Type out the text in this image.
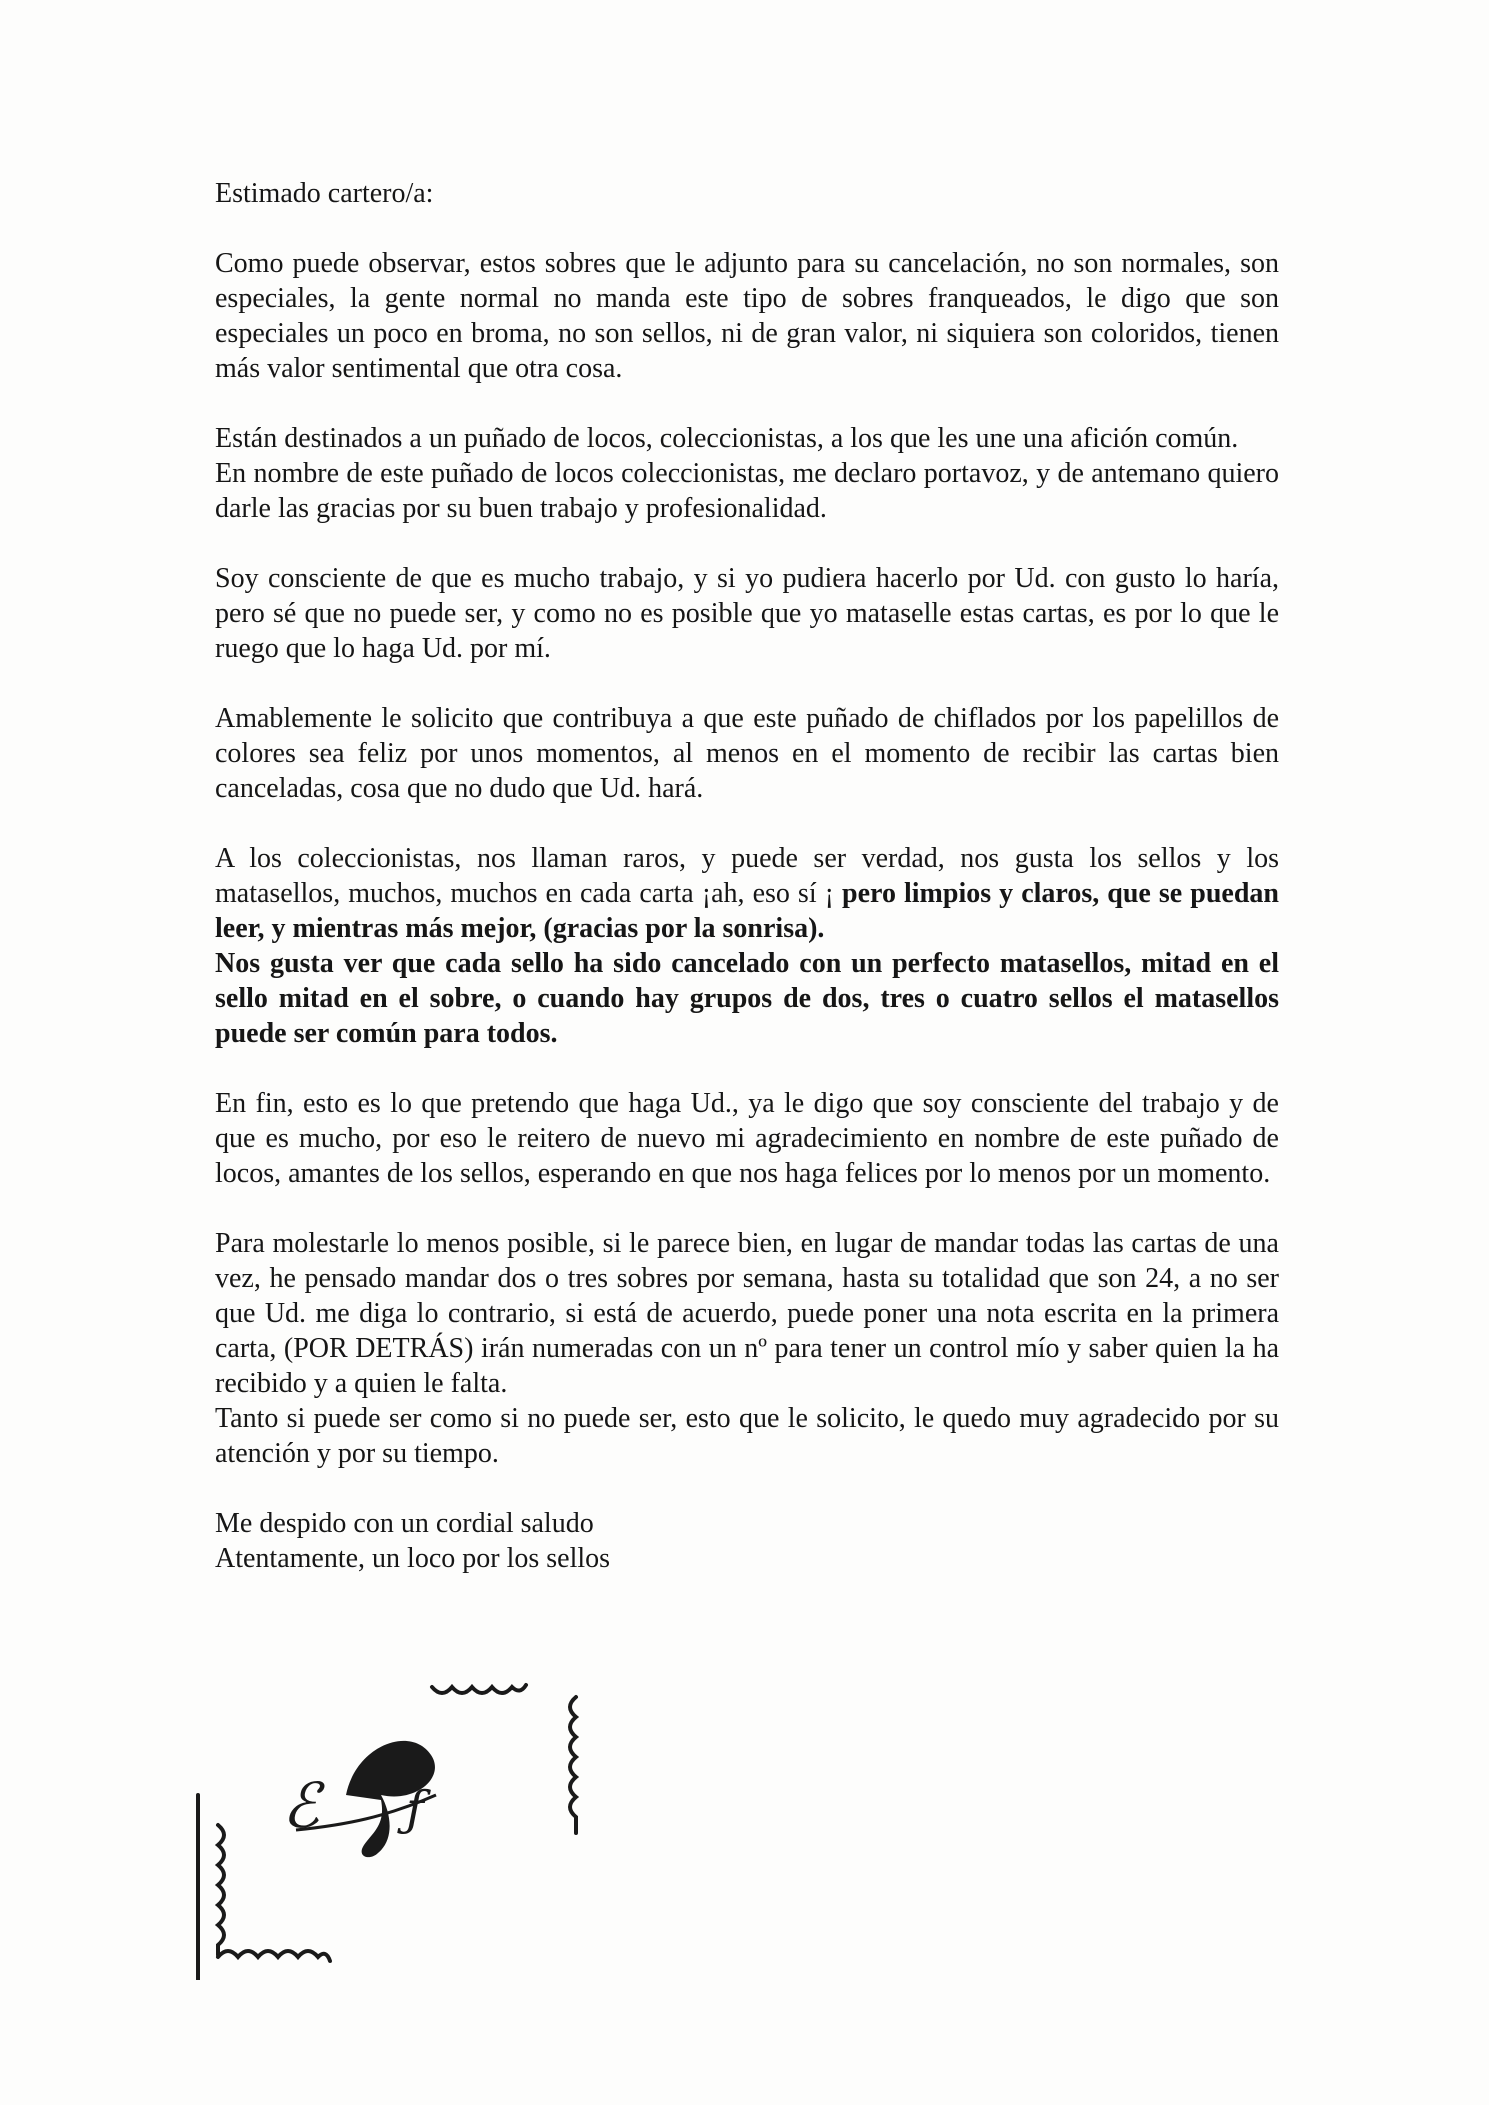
Estimado cartero/a:

Como puede observar, estos sobres que le adjunto para su cancelación, no son normales, son especiales, la gente normal no manda este tipo de sobres franqueados, le digo que son especiales un poco en broma, no son sellos, ni de gran valor, ni siquiera son coloridos, tienen más valor sentimental que otra cosa.

Están destinados a un puñado de locos, coleccionistas, a los que les une una afición común.

En nombre de este puñado de locos coleccionistas, me declaro portavoz, y de antemano quiero darle las gracias por su buen trabajo y profesionalidad.

Soy consciente de que es mucho trabajo, y si yo pudiera hacerlo por Ud. con gusto lo haría, pero sé que no puede ser, y como no es posible que yo mataselle estas cartas, es por lo que le ruego que lo haga Ud. por mí.

Amablemente le solicito que contribuya a que este puñado de chiflados por los papelillos de colores sea feliz por unos momentos, al menos en el momento de recibir las cartas bien canceladas, cosa que no dudo que Ud. hará.

A los coleccionistas, nos llaman raros, y puede ser verdad, nos gusta los sellos y los matasellos, muchos, muchos en cada carta ¡ah, eso sí ¡ pero limpios y claros, que se puedan leer, y mientras más mejor, (gracias por la sonrisa).

Nos gusta ver que cada sello ha sido cancelado con un perfecto matasellos, mitad en el sello mitad en el sobre, o cuando hay grupos de dos, tres o cuatro sellos el matasellos puede ser común para todos.

En fin, esto es lo que pretendo que haga Ud., ya le digo que soy consciente del trabajo y de que es mucho, por eso le reitero de nuevo mi agradecimiento en nombre de este puñado de locos, amantes de los sellos, esperando en que nos haga felices por lo menos por un momento.

Para molestarle lo menos posible, si le parece bien, en lugar de mandar todas las cartas de una vez, he pensado mandar dos o tres sobres por semana, hasta su totalidad que son 24, a no ser que Ud. me diga lo contrario, si está de acuerdo, puede poner una nota escrita en la primera carta, (POR DETRÁS) irán numeradas con un nº para tener un control mío y saber quien la ha recibido y a quien le falta.

Tanto si puede ser como si no puede ser, esto que le solicito, le quedo muy agradecido por su atención y por su tiempo.

Me despido con un cordial saludo

Atentamente, un loco por los sellos

ℰ ƒ
